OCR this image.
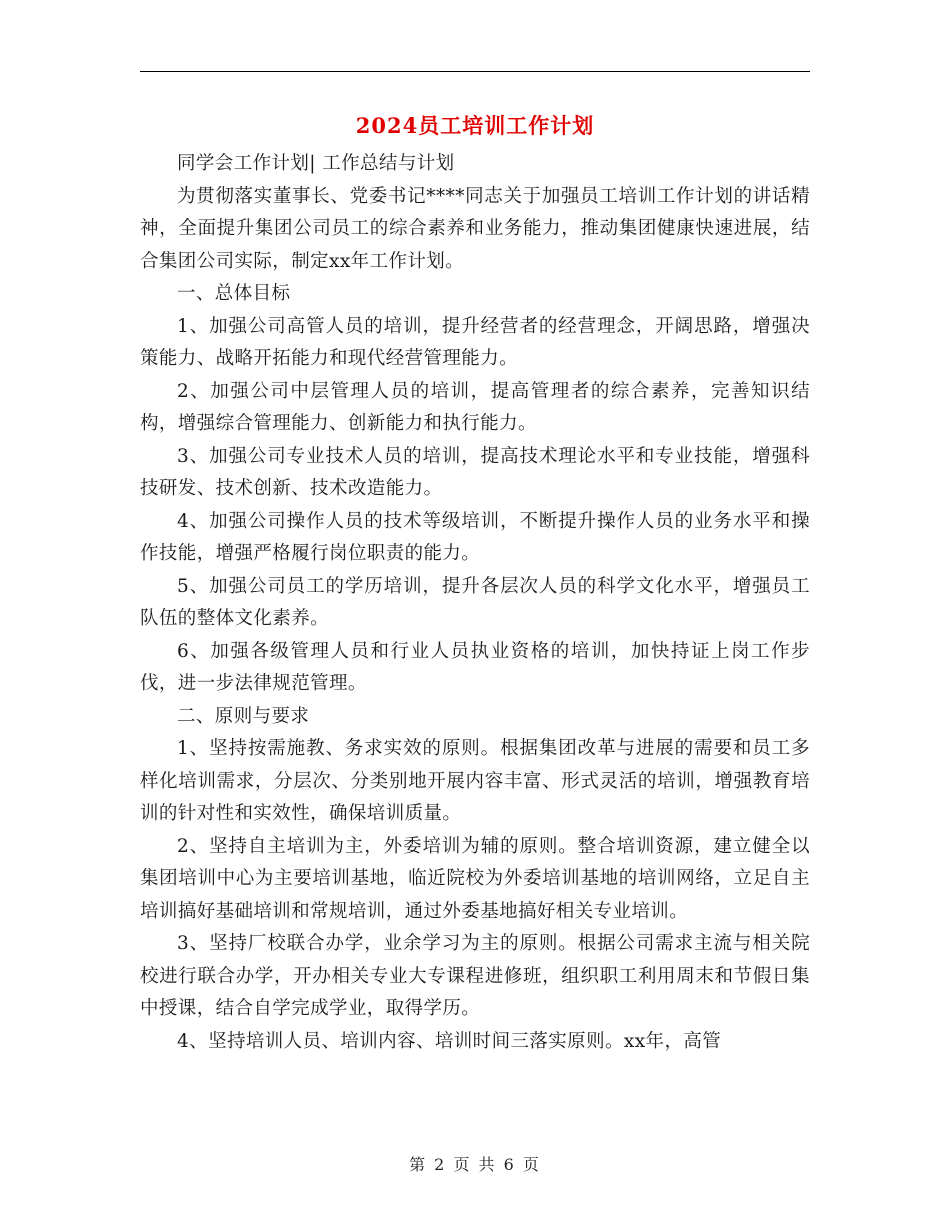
2024员工培训工作计划

同学会工作计划| 工作总结与计划

为贯彻落实董事长、党委书记****同志关于加强员工培训工作计划的讲话精神，全面提升集团公司员工的综合素养和业务能力，推动集团健康快速进展，结合集团公司实际，制定xx年工作计划。

一、总体目标

1、加强公司高管人员的培训，提升经营者的经营理念，开阔思路，增强决策能力、战略开拓能力和现代经营管理能力。

2、加强公司中层管理人员的培训，提高管理者的综合素养，完善知识结构，增强综合管理能力、创新能力和执行能力。

3、加强公司专业技术人员的培训，提高技术理论水平和专业技能，增强科技研发、技术创新、技术改造能力。

4、加强公司操作人员的技术等级培训，不断提升操作人员的业务水平和操作技能，增强严格履行岗位职责的能力。

5、加强公司员工的学历培训，提升各层次人员的科学文化水平，增强员工队伍的整体文化素养。

6、加强各级管理人员和行业人员执业资格的培训，加快持证上岗工作步伐，进一步法律规范管理。

二、原则与要求

1、坚持按需施教、务求实效的原则。根据集团改革与进展的需要和员工多样化培训需求，分层次、分类别地开展内容丰富、形式灵活的培训，增强教育培训的针对性和实效性，确保培训质量。

2、坚持自主培训为主，外委培训为辅的原则。整合培训资源，建立健全以集团培训中心为主要培训基地，临近院校为外委培训基地的培训网络，立足自主培训搞好基础培训和常规培训，通过外委基地搞好相关专业培训。

3、坚持厂校联合办学，业余学习为主的原则。根据公司需求主流与相关院校进行联合办学，开办相关专业大专课程进修班，组织职工利用周末和节假日集中授课，结合自学完成学业，取得学历。

4、坚持培训人员、培训内容、培训时间三落实原则。xx年，高管

第 2 页 共 6 页
